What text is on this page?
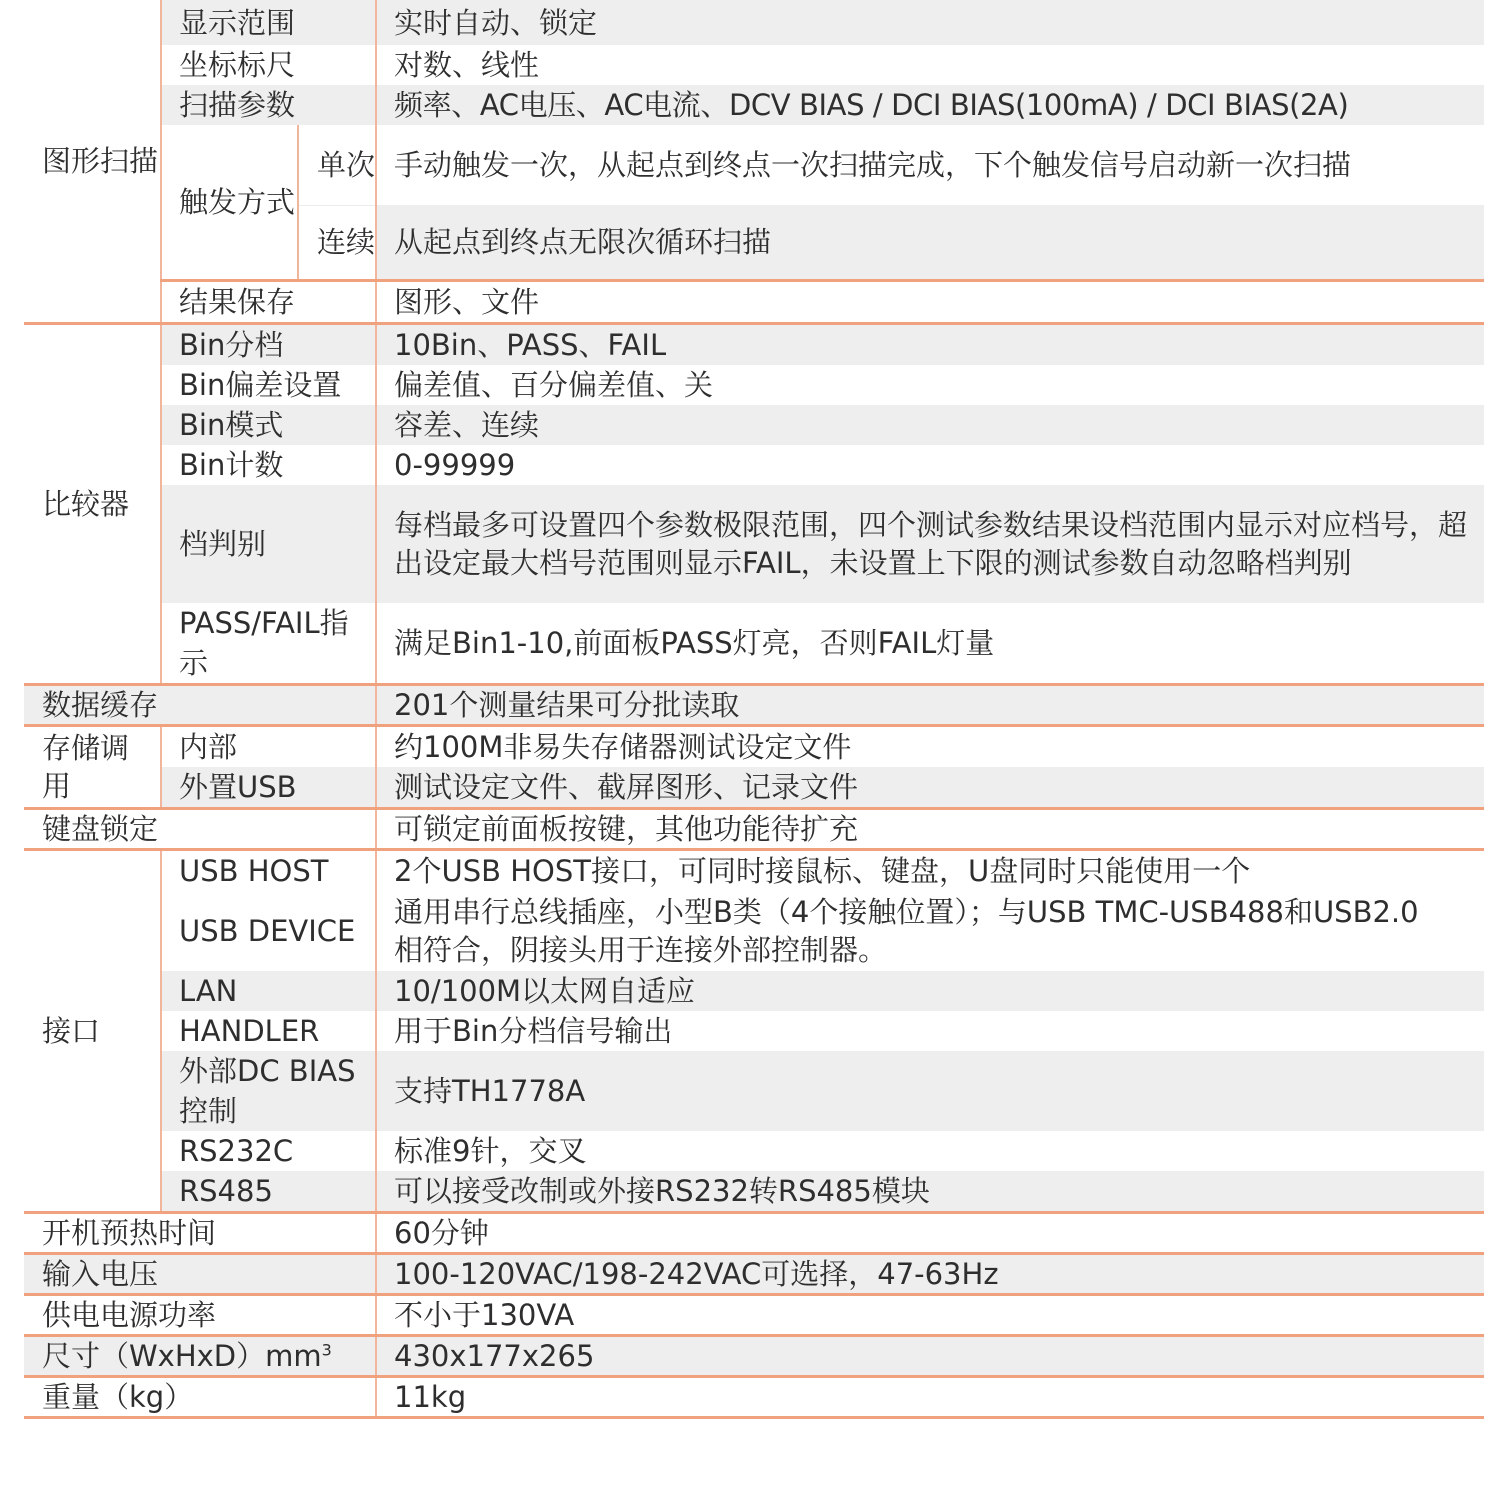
图形扫描	显示范围		实时自动、锁定
	坐标标尺		对数、线性
	扫描参数		频率、AC电压、AC电流、DCV BIAS / DCI BIAS(100mA) / DCI BIAS(2A)
	触发方式	单次	手动触发一次，从起点到终点一次扫描完成，下个触发信号启动新一次扫描
		连续	从起点到终点无限次循环扫描
	结果保存		图形、文件

比较器	Bin分档		10Bin、PASS、FAIL
	Bin偏差设置		偏差值、百分偏差值、关
	Bin模式		容差、连续
	Bin计数		0-99999
	档判别		每档最多可设置四个参数极限范围，四个测试参数结果设档范围内显示对应档号，超出设定最大档号范围则显示FAIL，未设置上下限的测试参数自动忽略档判别
	PASS/FAIL指示		满足Bin1-10,前面板PASS灯亮，否则FAIL灯量
数据缓存			201个测量结果可分批读取
存储调用	内部		约100M非易失存储器测试设定文件
	外置USB		测试设定文件、截屏图形、记录文件
键盘锁定			可锁定前面板按键，其他功能待扩充
接口	USB HOST		2个USB HOST接口，可同时接鼠标、键盘，U盘同时只能使用一个
	USB DEVICE		通用串行总线插座，小型B类（4个接触位置）；与USB TMC-USB488和USB2.0相符合，阴接头用于连接外部控制器。
	LAN		10/100M以太网自适应
	HANDLER		用于Bin分档信号输出
	外部DC BIAS控制		支持TH1778A
	RS232C		标准9针，交叉
	RS485		可以接受改制或外接RS232转RS485模块
开机预热时间			60分钟
输入电压			100-120VAC/198-242VAC可选择，47-63Hz
供电电源功率			不小于130VA
尺寸$(WxHxD)mm^3$			430x177x265
重量（kg）			11kg
